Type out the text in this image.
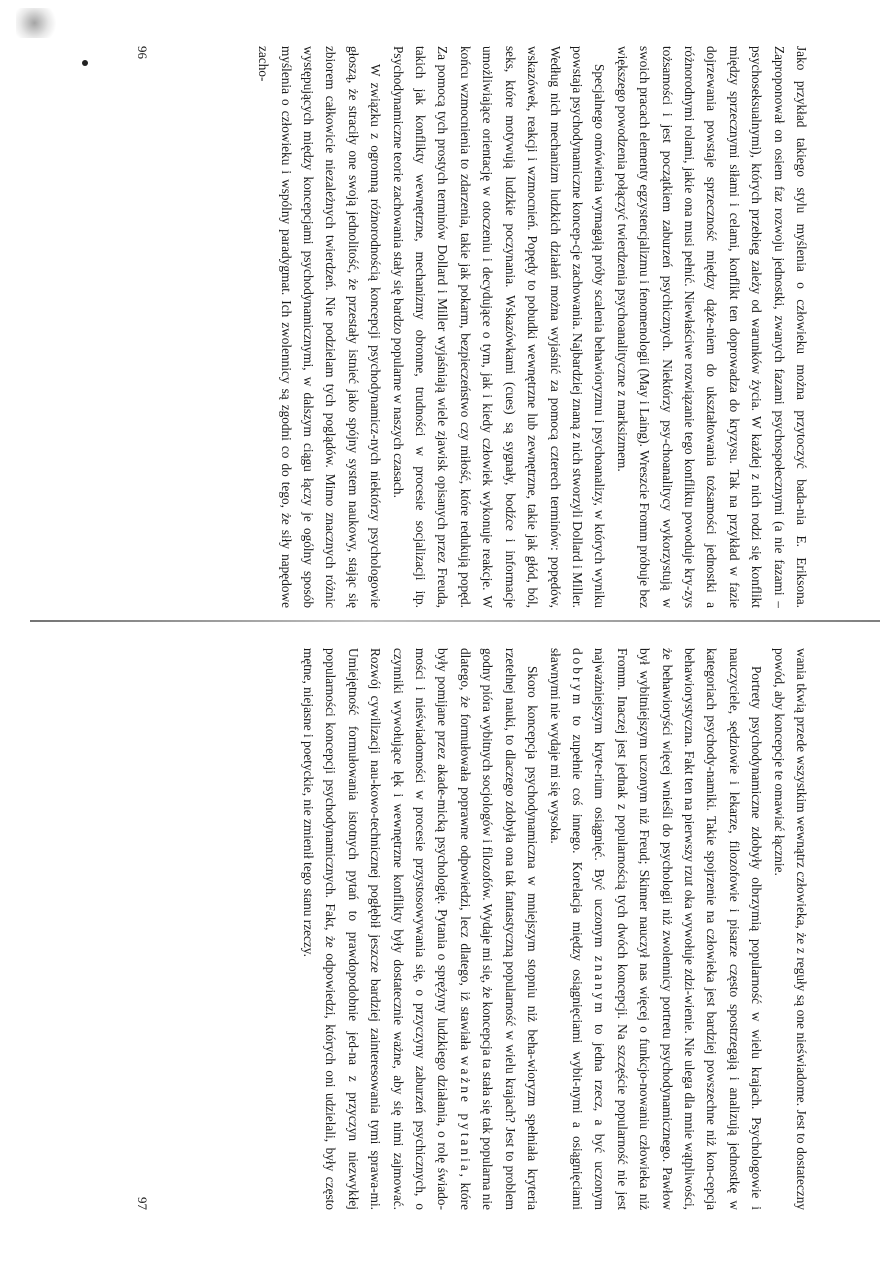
Jako przykład takiego stylu myślenia o człowieku można przytoczyć bada-nia E. Eriksona. Zaproponował on osiem faz rozwoju jednostki, zwanych fazami psychospołecznymi (a nie fazami – psychoseksualnymi), których przebieg zależy od warunków życia. W każdej z nich rodzi się konflikt między sprzecznymi siłami i celami, konflikt ten doprowadza do kryzysu. Tak na przykład w fazie dojrzewania powstaje sprzeczność między dąże-niem do ukształtowania tożsamości jednostki a różnorodnymi rolami, jakie ona musi pełnić. Niewłaściwe rozwiązanie tego konfliktu powoduje kry-zys tożsamości i jest początkiem zaburzeń psychicznych. Niektórzy psy-choanalitycy wykorzystują w swoich pracach elementy egzystencjalizmu i fenomenologii (May i Laing). Wreszcie Fromm próbuje bez większego powodzenia połączyć twierdzenia psychoanalityczne z marksizmem.

Specjalnego omówienia wymagają próby scalenia behawioryzmu i psychoanalizy, w których wyniku powstaja psychodynamiczne koncep-cje zachowania. Najbardziej znaną z nich stworzyli Dollard i Miller. Według nich mechanizm ludzkich działań można wyjaśnić za pomocą czterech terminów: popędów, wskazówek, reakcji i wzmocnień. Popędy to pobudki wewnętrzne lub zewnętrzne, takie jak głód, ból, seks, które motywują ludzkie poczynania. Wskazówkami (cues) są sygnały, bodźce i informacje umożliwiające orientację w otoczeniu i decydujące o tym, jak i kiedy człowiek wykonuje reakcje. W końcu wzmocnienia to zdarzenia, takie jak pokarm, bezpieczeństwo czy miłość, które redukują popęd. Za pomocą tych prostych terminów Dollard i Miller wyjaśniają wiele zjawisk opisanych przez Freuda, takich jak konflikty wewnętrzne, mechanizmy obronne, trudności w procesie socjalizacji itp. Psychodynamiczne teorie zachowania stały się bardzo popularne w naszych czasach.

W związku z ogromną różnorodnością koncepcji psychodynamicz-nych niektórzy psychologowie głoszą, że straciły one swoją jednolitość, że przestały istnieć jako spójny system naukowy, stając się zbiorem całkowicie niezależnych twierdzeń. Nie podzielam tych poglądów. Mimo znacznych różnic występujących między koncepcjami psychodynamicznymi, w dalszym ciągu łączy je ogólny sposób myślenia o człowieku i wspólny paradygmat. Ich zwolennicy są zgodni co do tego, że siły napędowe zacho-

96

wania tkwią przede wszystkim wewnątrz człowieka, że z reguły są one nieświadome. Jest to dostateczny powód, aby koncepcje te omawiać łącznie.

Portrety psychodynamiczne zdobyły olbrzymią popularność w wielu krajach. Psychologowie i nauczyciele, sędziowie i lekarze, filozofowie i pisarze często spostrzegają i analizują jednostkę w kategoriach psychody-namiki. Takie spojrzenie na człowieka jest bardziej powszechne niż kon-cepcja behawiorystyczna. Fakt ten na pierwszy rzut oka wywołuje zdzi-wienie. Nie ulega dla mnie wątpliwości, że behawioryści więcej wnieśli do psychologii niż zwolennicy portretu psychodynamicznego. Pawłow był wybitniejszym uczonym niż Freud; Skinner nauczył nas więcej o funkcjo-nowaniu człowieka niż Fromm. Inaczej jest jednak z popularnością tych dwóch koncepcji. Na szczęście popularność nie jest najważniejszym kryte-rium osiągnięć. Być uczonym znanym to jedna rzecz, a być uczonym dobrym to zupełnie coś innego. Korelacja między osiągnięciami wybit-nymi a osiągnięciami sławnymi nie wydaje mi się wysoka.

Skoro koncepcja psychodynamiczna w mniejszym stopniu niż beha-wioryzm spełniała kryteria rzetelnej nauki, to dlaczego zdobyła ona tak fantastyczną popularność w wielu krajach? Jest to problem godny pióra wybitnych socjologów i filozofów. Wydaje mi się, że koncepcja ta stała się tak popularna nie dlatego, że formułowała poprawne odpowiedzi, lecz dlatego, iż stawiała ważne pytania, które były pomijane przez akade-micką psychologię. Pytania o sprężyny ludzkiego działania, o rolę świado-mości i nieświadomości w procesie przystosowywania się, o przyczyny zaburzeń psychicznych, o czynniki wywołujące lęk i wewnętrzne konflikty były dostatecznie ważne, aby się nimi zajmować. Rozwój cywilizacji nau-kowo-technicznej pogłębił jeszcze bardziej zainteresowania tymi sprawa-mi. Umiejętność formułowania istotnych pytań to prawdopodobnie jed-na z przyczyn niezwykłej popularności koncepcji psychodynamicznych. Fakt, że odpowiedzi, których oni udzielali, były często mętne, niejasne i poetyckie, nie zmienił tego stanu rzeczy.

97
